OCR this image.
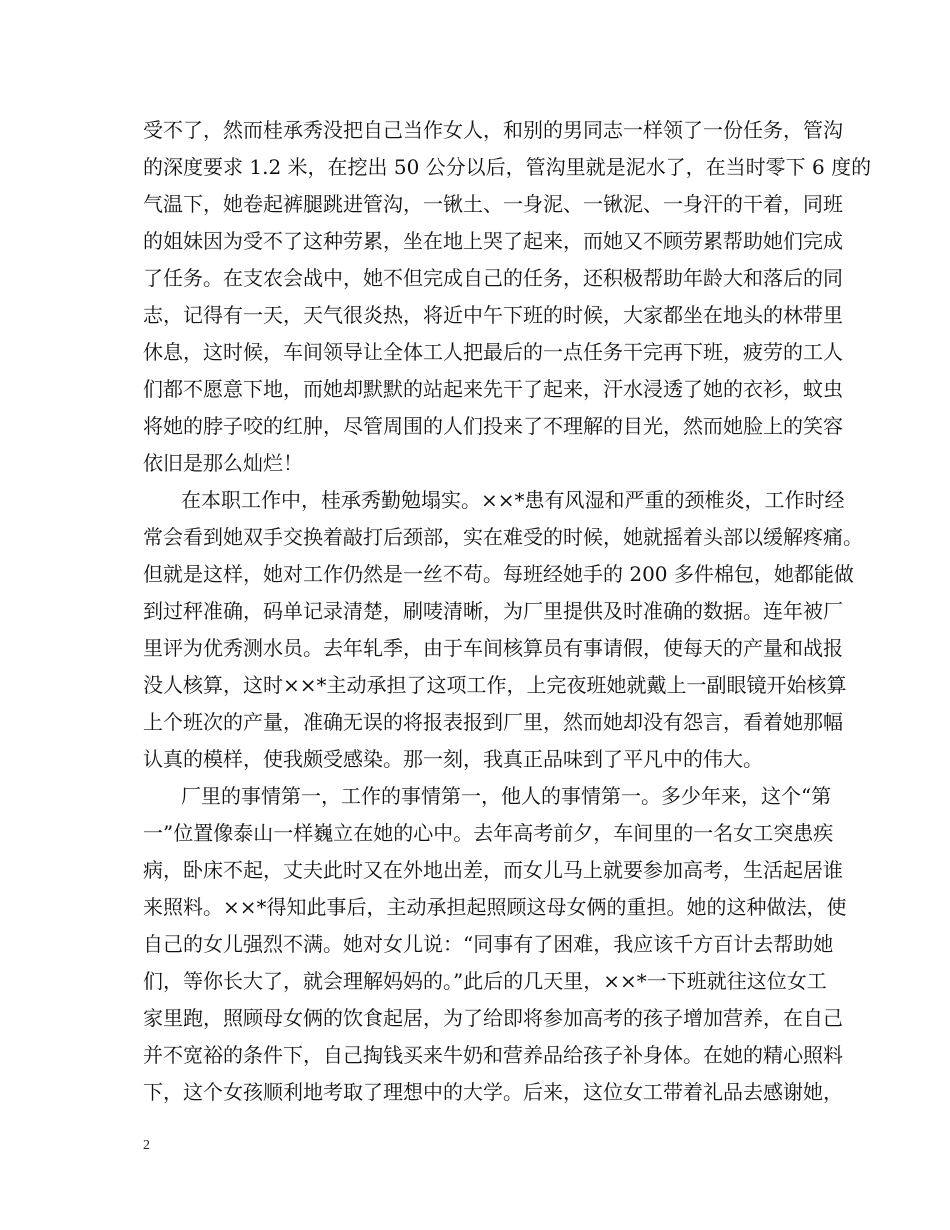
受不了，然而桂承秀没把自己当作女人，和别的男同志一样领了一份任务，管沟
的深度要求 1.2 米，在挖出 50 公分以后，管沟里就是泥水了，在当时零下 6 度的
气温下，她卷起裤腿跳进管沟，一锹土、一身泥、一锹泥、一身汗的干着，同班
的姐妹因为受不了这种劳累，坐在地上哭了起来，而她又不顾劳累帮助她们完成
了任务。在支农会战中，她不但完成自己的任务，还积极帮助年龄大和落后的同
志，记得有一天，天气很炎热，将近中午下班的时候，大家都坐在地头的林带里
休息，这时候，车间领导让全体工人把最后的一点任务干完再下班，疲劳的工人
们都不愿意下地，而她却默默的站起来先干了起来，汗水浸透了她的衣衫，蚊虫
将她的脖子咬的红肿，尽管周围的人们投来了不理解的目光，然而她脸上的笑容
依旧是那么灿烂！
在本职工作中，桂承秀勤勉塌实。××*患有风湿和严重的颈椎炎，工作时经
常会看到她双手交换着敲打后颈部，实在难受的时候，她就摇着头部以缓解疼痛。
但就是这样，她对工作仍然是一丝不苟。每班经她手的 200 多件棉包，她都能做
到过秤准确，码单记录清楚，刷唛清晰，为厂里提供及时准确的数据。连年被厂
里评为优秀测水员。去年轧季，由于车间核算员有事请假，使每天的产量和战报
没人核算，这时××*主动承担了这项工作，上完夜班她就戴上一副眼镜开始核算
上个班次的产量，准确无误的将报表报到厂里，然而她却没有怨言，看着她那幅
认真的模样，使我颇受感染。那一刻，我真正品味到了平凡中的伟大。
厂里的事情第一，工作的事情第一，他人的事情第一。多少年来，这个“第
一”位置像泰山一样巍立在她的心中。去年高考前夕，车间里的一名女工突患疾
病，卧床不起，丈夫此时又在外地出差，而女儿马上就要参加高考，生活起居谁
来照料。××*得知此事后，主动承担起照顾这母女俩的重担。她的这种做法，使
自己的女儿强烈不满。她对女儿说：“同事有了困难，我应该千方百计去帮助她
们，等你长大了，就会理解妈妈的。”此后的几天里，××*一下班就往这位女工
家里跑，照顾母女俩的饮食起居，为了给即将参加高考的孩子增加营养，在自己
并不宽裕的条件下，自己掏钱买来牛奶和营养品给孩子补身体。在她的精心照料
下，这个女孩顺利地考取了理想中的大学。后来，这位女工带着礼品去感谢她，
2
